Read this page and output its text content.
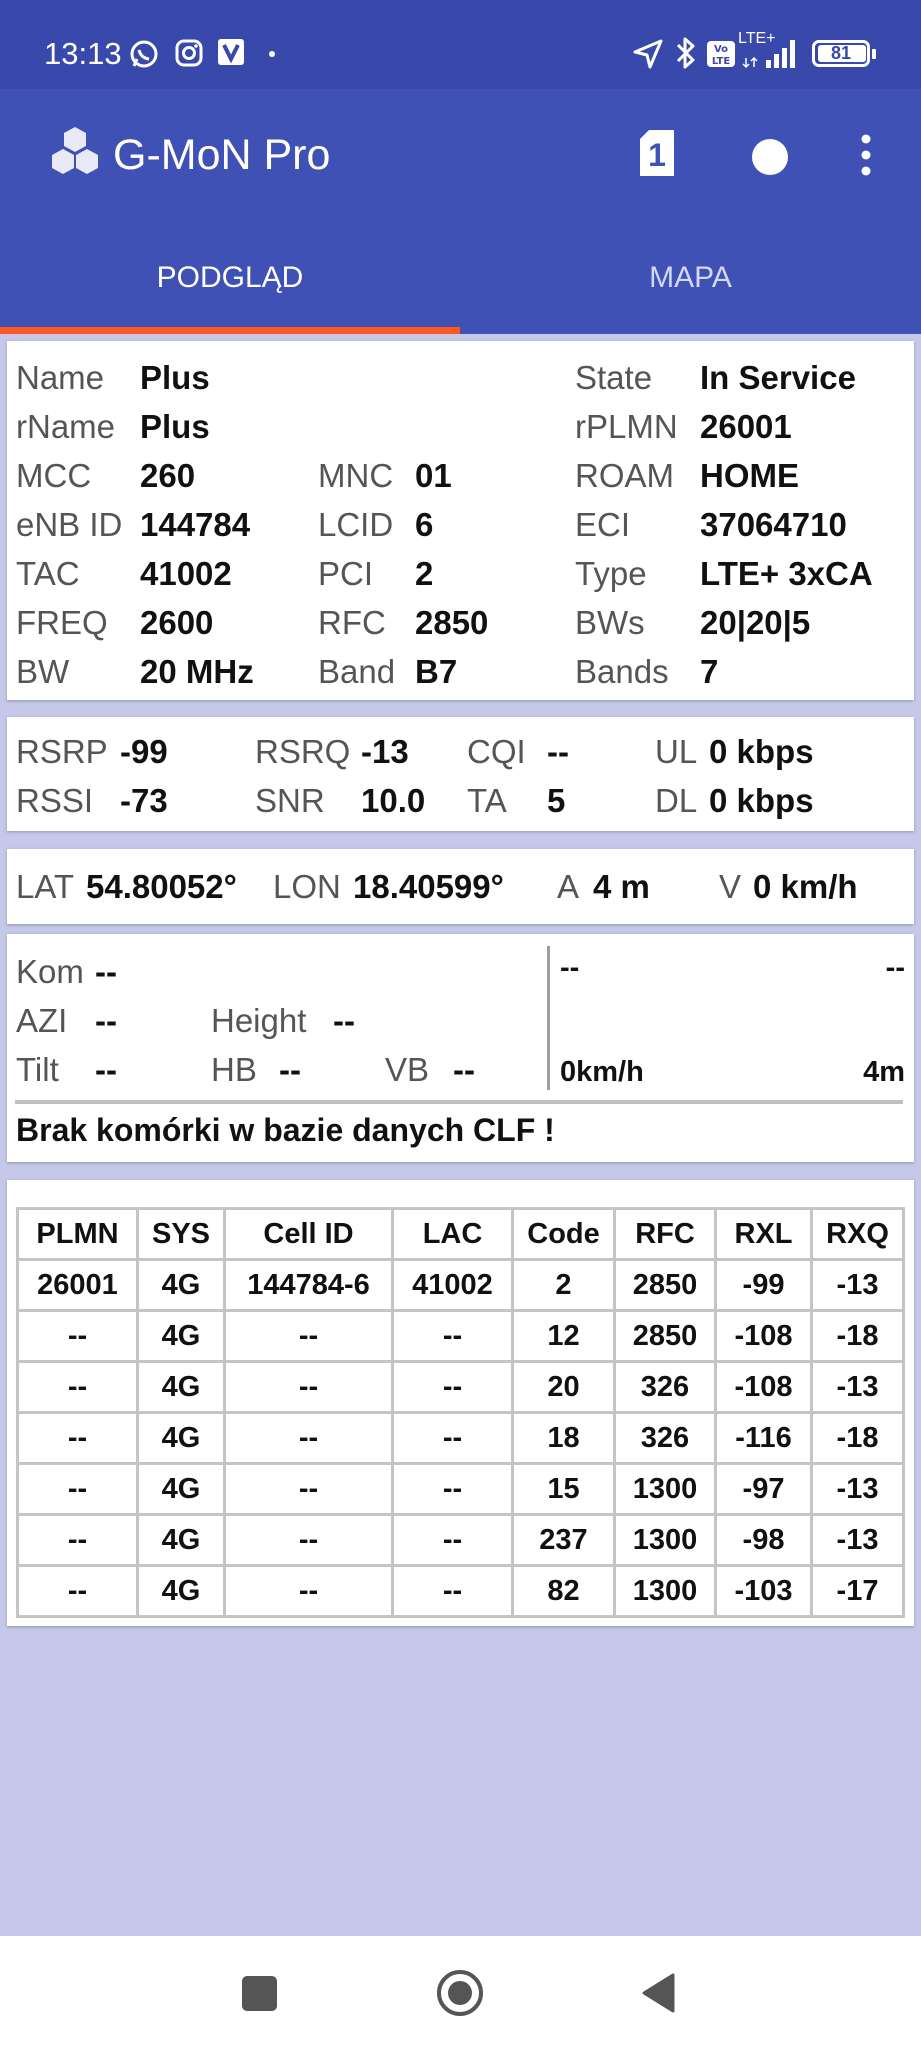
13:13	Vo
LTE
LTE+
81
G-MoN Pro	1
PODGLĄD	MAPA
Name Plus	State In Service
rName Plus	rPLMN 26001
MCC 260	MNC 01	ROAM HOME
eNB ID 144784 LCID 6	ECI 37064710
TAC 41002	PCI 2	Type LTE+ 3xCA
FREQ 2600	RFC 2850	BWs 20|20|5
BW 20 MHz Band B7	Bands 7
RSRP -99	RSRQ -13 CQI --	UL 0 kbps
RSSI -73	SNR 10.0 TA 5	DL 0 kbps
LAT 54.80052° LON 18.40599° A 4 m V 0 km/h
Kom --
AZI --	Height --
Tilt --	HB --	VB --
--	--
0km/h	4m
Brak komórki w bazie danych CLF !
PLMN	SYS	Cell ID	LAC	Code	RFC	RXL	RXQ
26001	4G	144784-6	41002	2	2850	-99	-13
--	4G	--	--	12	2850	-108	-18
--	4G	--	--	20	326	-108	-13
--	4G	--	--	18	326	-116	-18
--	4G	--	--	15	1300	-97	-13
--	4G	--	--	237	1300	-98	-13
--	4G	--	--	82	1300	-103	-17
